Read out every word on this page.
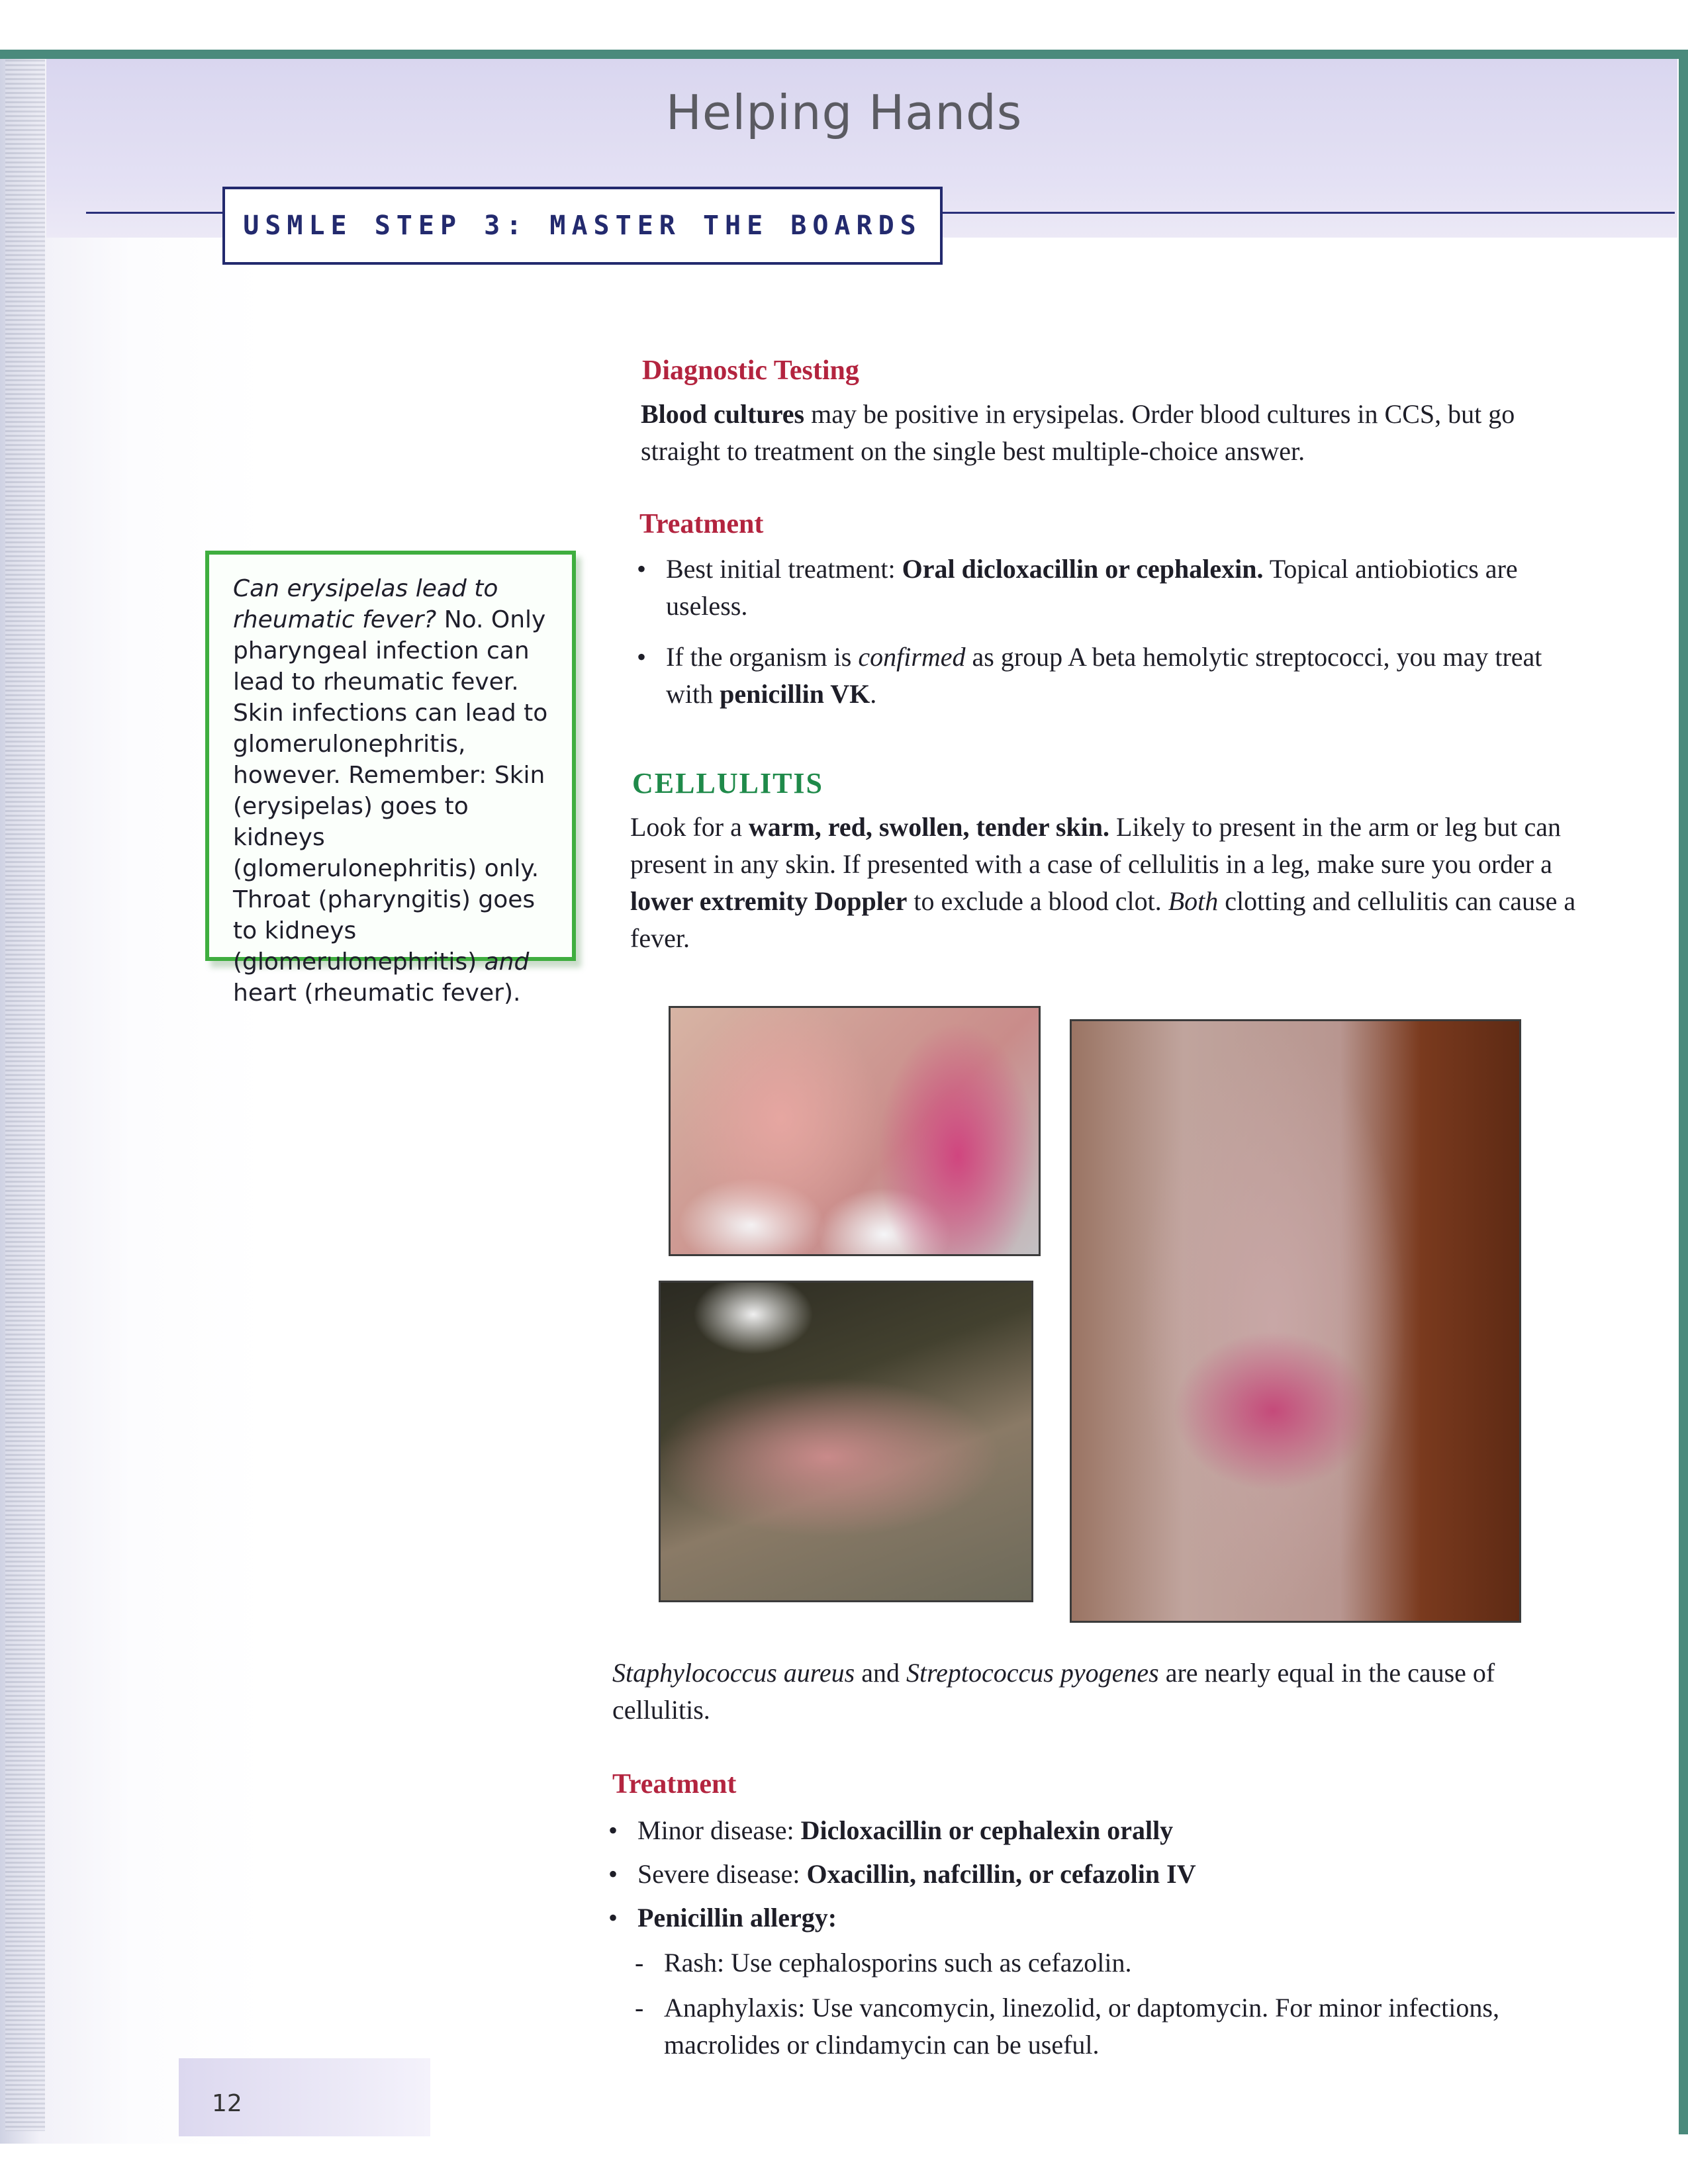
Helping Hands
USMLE STEP 3: MASTER THE BOARDS
Can erysipelas lead to rheumatic fever? No. Only pharyngeal infection can lead to rheumatic fever. Skin infections can lead to glomerulonephritis, however. Remember: Skin (erysipelas) goes to kidneys (glomerulonephritis) only. Throat (pharyngitis) goes to kidneys (glomerulonephritis) and heart (rheumatic fever).
Diagnostic Testing
Blood cultures may be positive in erysipelas. Order blood cultures in CCS, but go straight to treatment on the single best multiple-choice answer.
Treatment
• Best initial treatment: Oral dicloxacillin or cephalexin. Topical antiobiotics are useless.
• If the organism is confirmed as group A beta hemolytic streptococci, you may treat with penicillin VK.
CELLULITIS
Look for a warm, red, swollen, tender skin. Likely to present in the arm or leg but can present in any skin. If presented with a case of cellulitis in a leg, make sure you order a lower extremity Doppler to exclude a blood clot. Both clotting and cellulitis can cause a fever.
Staphylococcus aureus and Streptococcus pyogenes are nearly equal in the cause of cellulitis.
Treatment
• Minor disease: Dicloxacillin or cephalexin orally
• Severe disease: Oxacillin, nafcillin, or cefazolin IV
• Penicillin allergy:
- Rash: Use cephalosporins such as cefazolin.
- Anaphylaxis: Use vancomycin, linezolid, or daptomycin. For minor infections, macrolides or clindamycin can be useful.
12
